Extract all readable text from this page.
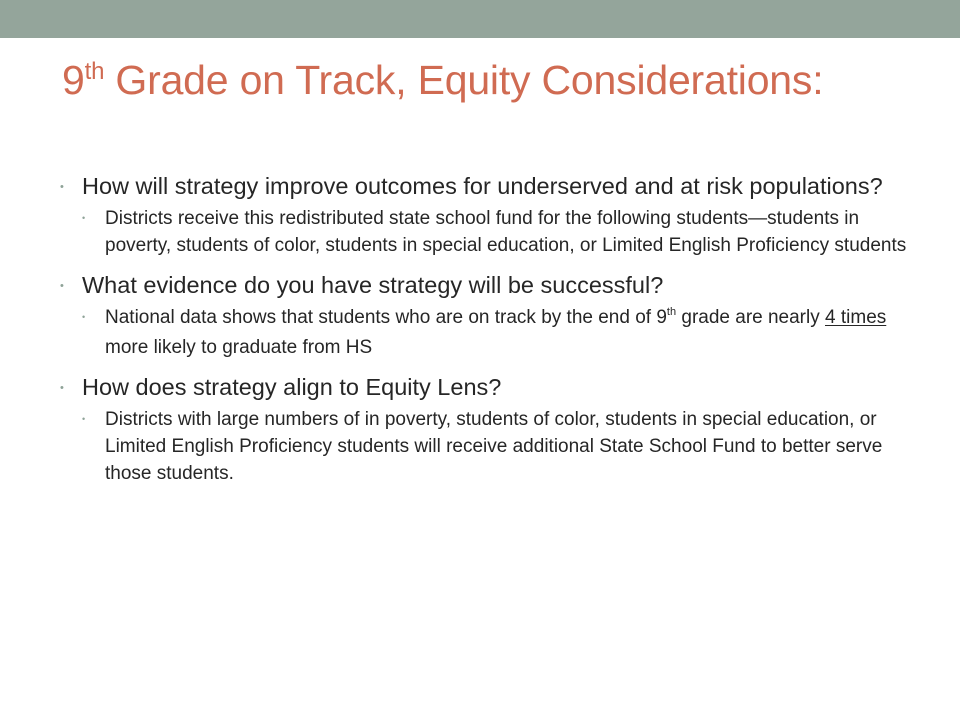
9th Grade on Track, Equity Considerations:
• How will strategy improve outcomes for underserved and at risk populations?
• Districts receive this redistributed state school fund for the following students—students in poverty, students of color, students in special education, or Limited English Proficiency students
• What evidence do you have strategy will be successful?
• National data shows that students who are on track by the end of 9th grade are nearly 4 times more likely to graduate from HS
• How does strategy align to Equity Lens?
• Districts with large numbers of in poverty, students of color, students in special education, or Limited English Proficiency students will receive additional State School Fund to better serve those students.
